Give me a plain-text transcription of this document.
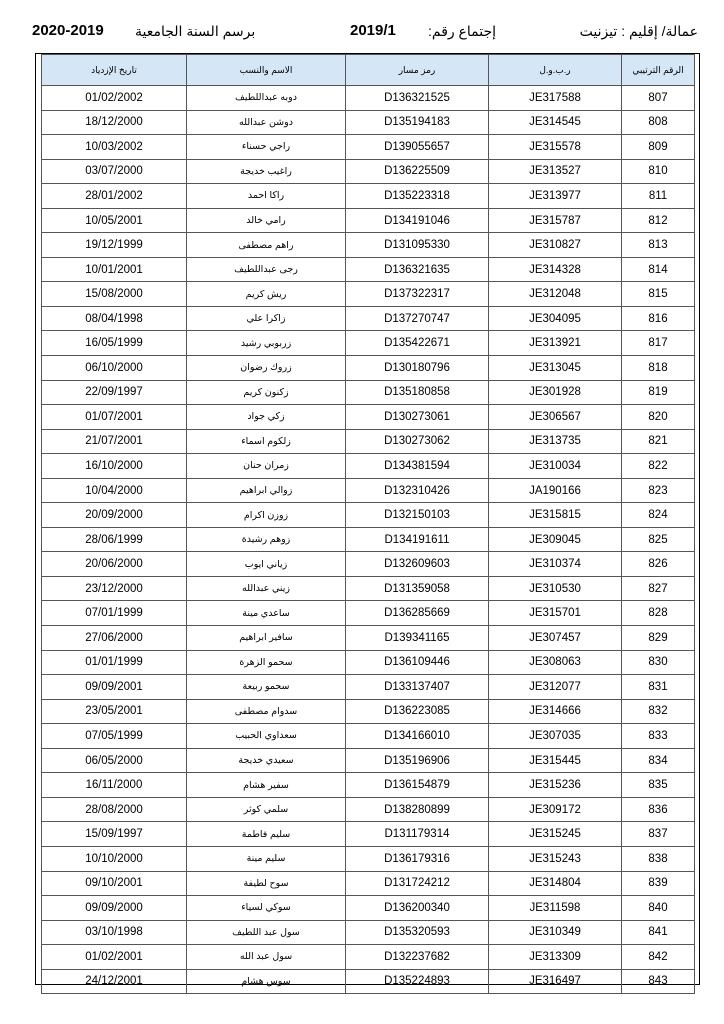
2020-2019 برسم السنة الجامعية	2019/1 إجتماع رقم:	عمالة/ إقليم : تيزنيت
تاريخ الإزدياد	الاسم والنسب	رمز مسار	ر.ب.و.ل	الرقم الترتيبي
01/02/2002	دوبه عبداللطيف	D136321525	JE317588	807
18/12/2000	دوشن عبدالله	D135194183	JE314545	808
10/03/2002	راجي حسناء	D139055657	JE315578	809
03/07/2000	راغيب خديجة	D136225509	JE313527	810
28/01/2002	راكا احمد	D135223318	JE313977	811
10/05/2001	رامي خالد	D134191046	JE315787	812
19/12/1999	راهم مصطفى	D131095330	JE310827	813
10/01/2001	رجى عبداللطيف	D136321635	JE314328	814
15/08/2000	ريش كريم	D137322317	JE312048	815
08/04/1998	زاكرا علي	D137270747	JE304095	816
16/05/1999	زربوبي رشيد	D135422671	JE313921	817
06/10/2000	زروك رضوان	D130180796	JE313045	818
22/09/1997	زكنون كريم	D135180858	JE301928	819
01/07/2001	زكي جواد	D130273061	JE306567	820
21/07/2001	زلكوم اسماء	D130273062	JE313735	821
16/10/2000	زمران حنان	D134381594	JE310034	822
10/04/2000	زوالي ابراهيم	D132310426	JA190166	823
20/09/2000	زوزن اكرام	D132150103	JE315815	824
28/06/1999	زوهم رشيدة	D134191611	JE309045	825
20/06/2000	زياني ايوب	D132609603	JE310374	826
23/12/2000	زيني عبدالله	D131359058	JE310530	827
07/01/1999	ساعدي مينة	D136285669	JE315701	828
27/06/2000	سافير ابراهيم	D139341165	JE307457	829
01/01/1999	سحمو الزهرة	D136109446	JE308063	830
09/09/2001	سحمو ربيعة	D133137407	JE312077	831
23/05/2001	سدوام مصطفى	D136223085	JE314666	832
07/05/1999	سعداوي الحبيب	D134166010	JE307035	833
06/05/2000	سعيدي خديجة	D135196906	JE315445	834
16/11/2000	سفير هشام	D136154879	JE315236	835
28/08/2000	سلمي كوثر	D138280899	JE309172	836
15/09/1997	سليم فاطمة	D131179314	JE315245	837
10/10/2000	سليم مينة	D136179316	JE315243	838
09/10/2001	سوح لطيفة	D131724212	JE314804	839
09/09/2000	سوكي لسياء	D136200340	JE311598	840
03/10/1998	سول عبد اللطيف	D135320593	JE310349	841
01/02/2001	سول عبد الله	D132237682	JE313309	842
24/12/2001	سوس هشام	D135224893	JE316497	843
